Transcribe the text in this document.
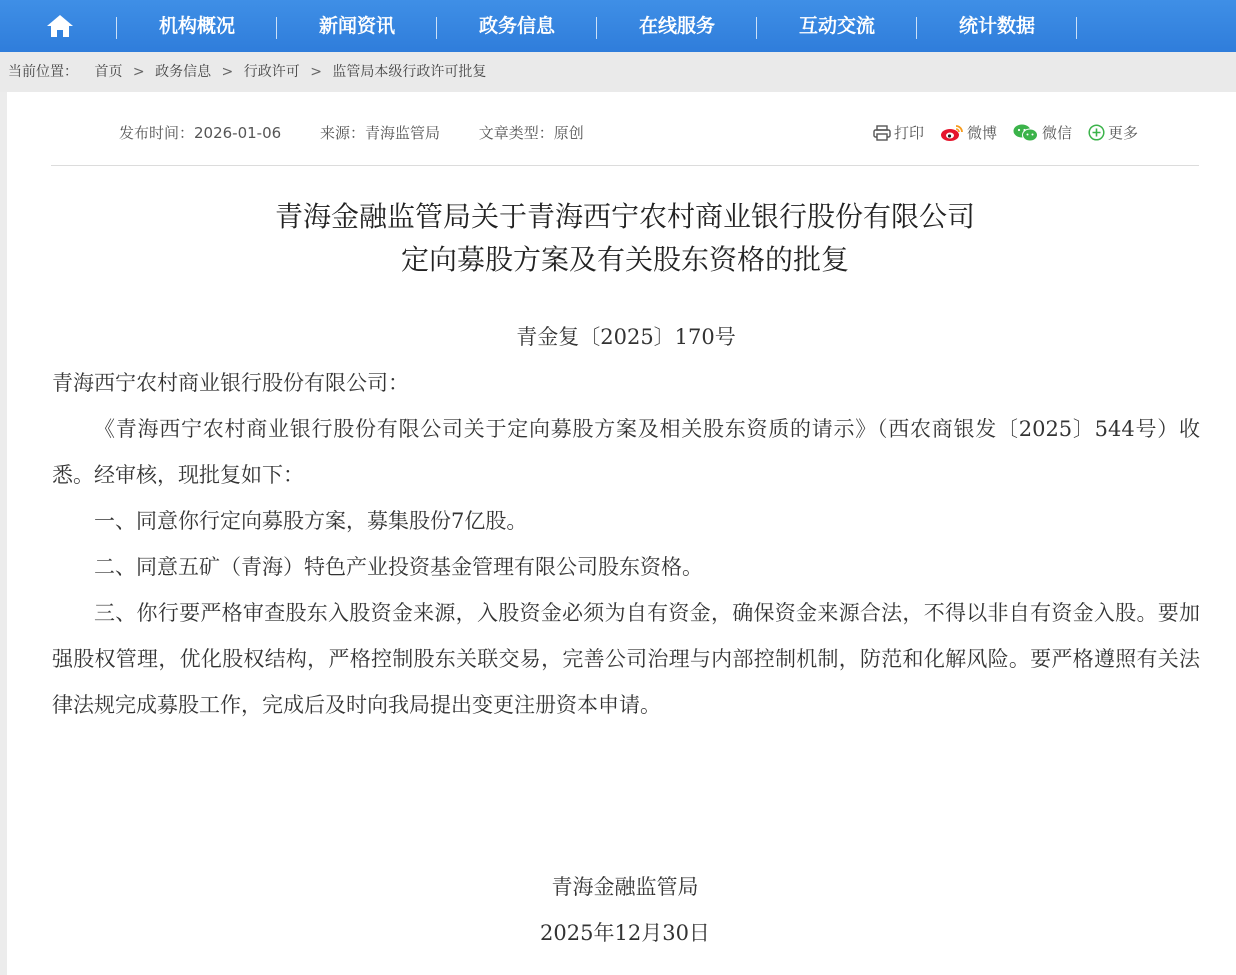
机构概况	新闻资讯	政务信息	在线服务	互动交流	统计数据
当前位置： 首页 > 政务信息 > 行政许可 > 监管局本级行政许可批复
发布时间：2026-01-06	来源：青海监管局	文章类型：原创	打印	微博	微信 更多
青海金融监管局关于青海西宁农村商业银行股份有限公司
定向募股方案及有关股东资格的批复
青金复〔2025〕170号
青海西宁农村商业银行股份有限公司：
《青海西宁农村商业银行股份有限公司关于定向募股方案及相关股东资质的请示》（西农商银发〔2025〕544号）收悉。经审核，现批复如下：
一、同意你行定向募股方案，募集股份7亿股。
二、同意五矿（青海）特色产业投资基金管理有限公司股东资格。
三、你行要严格审查股东入股资金来源，入股资金必须为自有资金，确保资金来源合法，不得以非自有资金入股。要加强股权管理，优化股权结构，严格控制股东关联交易，完善公司治理与内部控制机制，防范和化解风险。要严格遵照有关法律法规完成募股工作，完成后及时向我局提出变更注册资本申请。
青海金融监管局
2025年12月30日
